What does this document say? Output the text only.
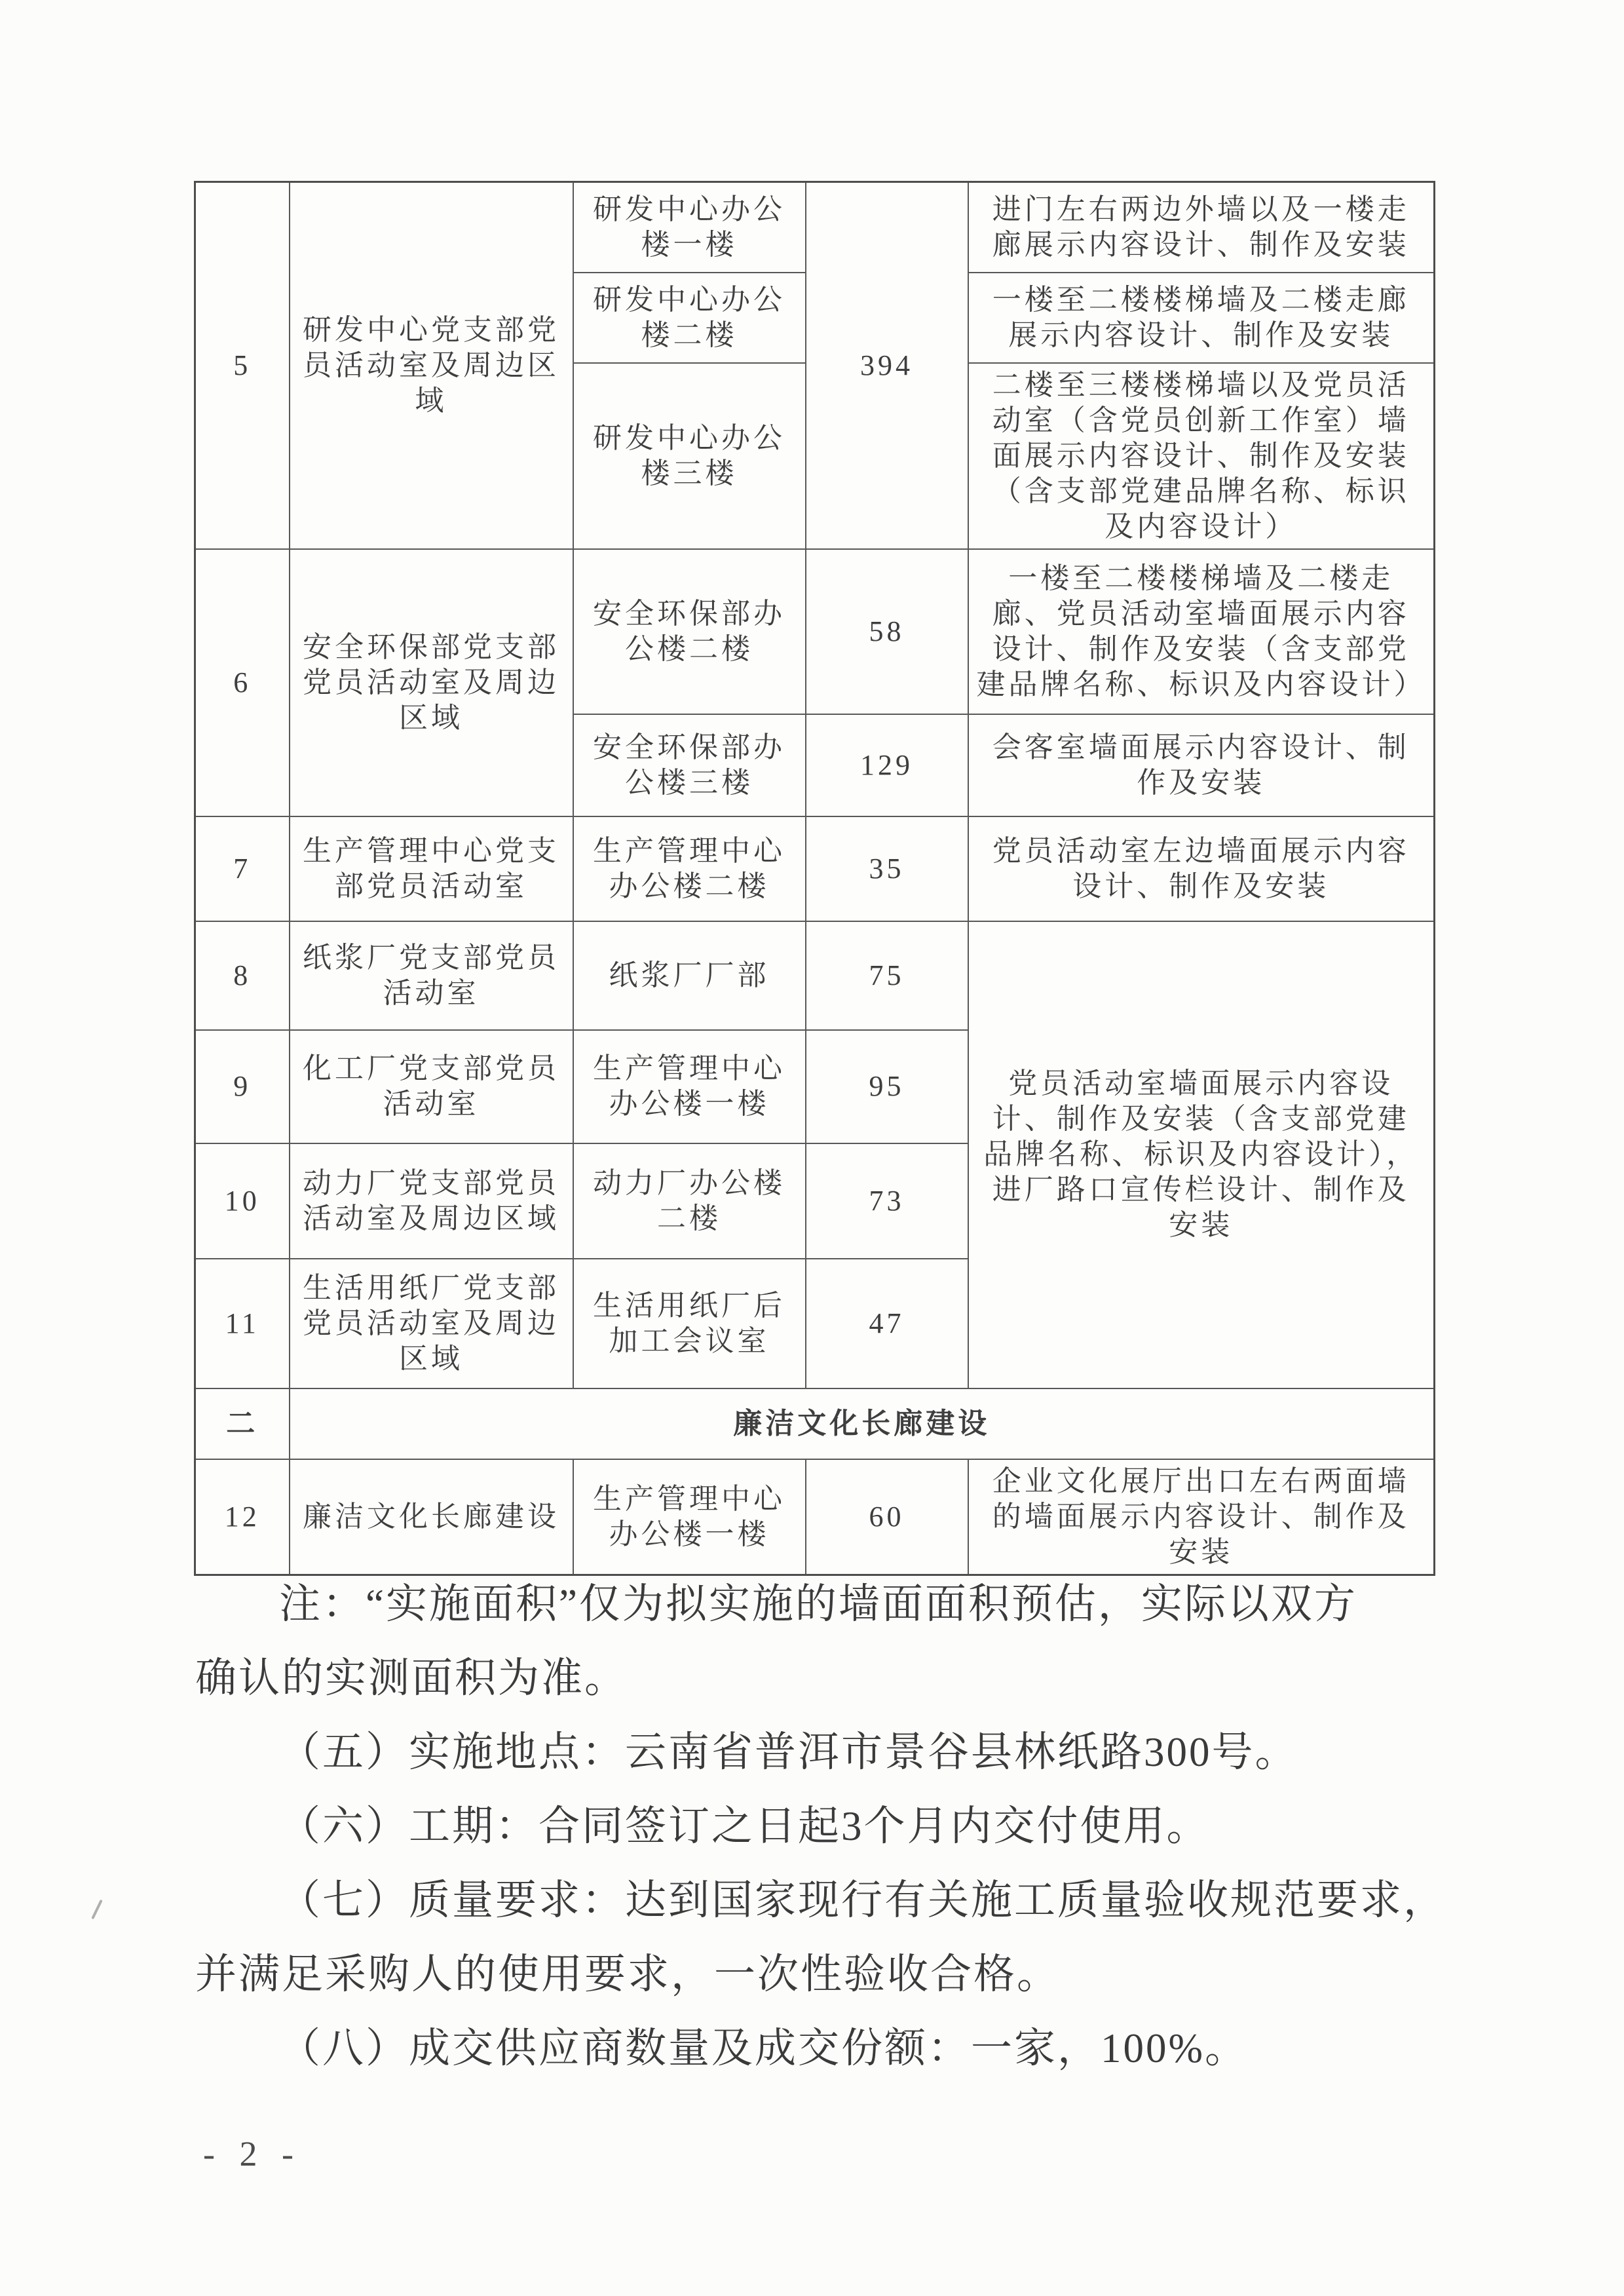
5	研发中心党支部党员活动室及周边区域	研发中心办公楼一楼	394	进门左右两边外墙以及一楼走廊展示内容设计、制作及安装
		研发中心办公楼二楼		一楼至二楼楼梯墙及二楼走廊展示内容设计、制作及安装
		研发中心办公楼三楼		二楼至三楼楼梯墙以及党员活动室（含党员创新工作室）墙面展示内容设计、制作及安装（含支部党建品牌名称、标识及内容设计）
6	安全环保部党支部党员活动室及周边区域	安全环保部办公楼二楼	58	一楼至二楼楼梯墙及二楼走廊、党员活动室墙面展示内容设计、制作及安装（含支部党建品牌名称、标识及内容设计）
		安全环保部办公楼三楼	129	会客室墙面展示内容设计、制作及安装
7	生产管理中心党支部党员活动室	生产管理中心办公楼二楼	35	党员活动室左边墙面展示内容设计、制作及安装
8	纸浆厂党支部党员活动室	纸浆厂厂部	75	党员活动室墙面展示内容设计、制作及安装（含支部党建品牌名称、标识及内容设计），进厂路口宣传栏设计、制作及安装
9	化工厂党支部党员活动室	生产管理中心办公楼一楼	95	
10	动力厂党支部党员活动室及周边区域	动力厂办公楼二楼	73	
11	生活用纸厂党支部党员活动室及周边区域	生活用纸厂后加工会议室	47	
二	廉洁文化长廊建设			
12	廉洁文化长廊建设	生产管理中心办公楼一楼	60	企业文化展厅出口左右两面墙的墙面展示内容设计、制作及安装
注：“实施面积”仅为拟实施的墙面面积预估，实际以双方
确认的实测面积为准。
（五）实施地点：云南省普洱市景谷县林纸路300号。
（六）工期：合同签订之日起3个月内交付使用。
（七）质量要求：达到国家现行有关施工质量验收规范要求，
并满足采购人的使用要求，一次性验收合格。
（八）成交供应商数量及成交份额：一家，100%。
- 2 -
